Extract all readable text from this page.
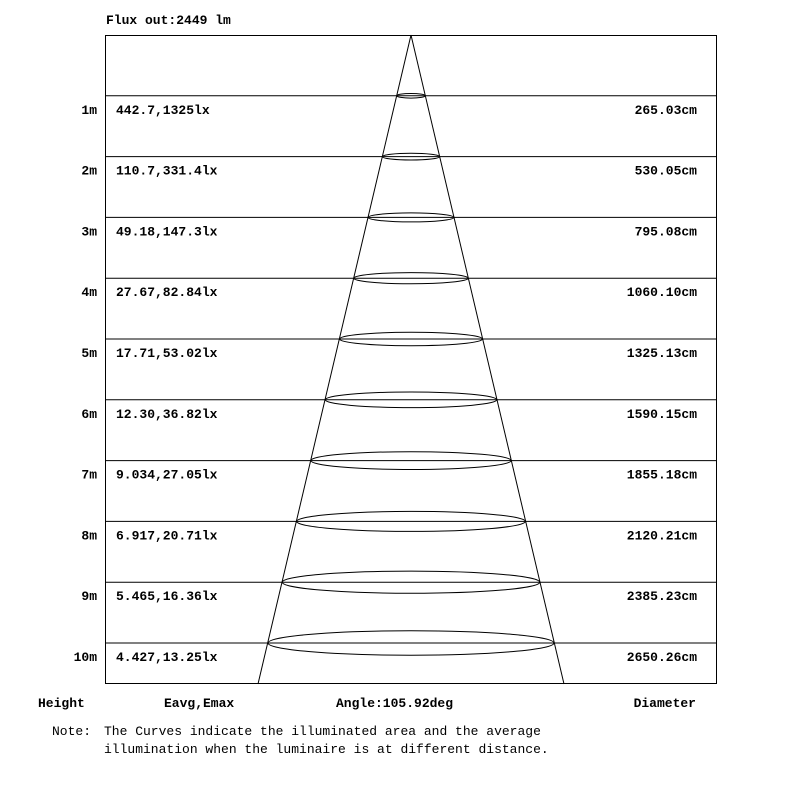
Flux out:2449 lm
1m 442.7,1325lx	265.03cm
2m 110.7,331.4lx	530.05cm
3m 49.18,147.3lx	795.08cm
4m 27.67,82.84lx	1060.10cm
5m 17.71,53.02lx	1325.13cm
6m 12.30,36.82lx	1590.15cm
7m 9.034,27.05lx	1855.18cm
8m 6.917,20.71lx	2120.21cm
9m 5.465,16.36lx	2385.23cm
10m 4.427,13.25lx	2650.26cm
Height	Eavg,Emax	Angle:105.92deg	Diameter
Note: The Curves indicate the illuminated area and the average
illumination when the luminaire is at different distance.
